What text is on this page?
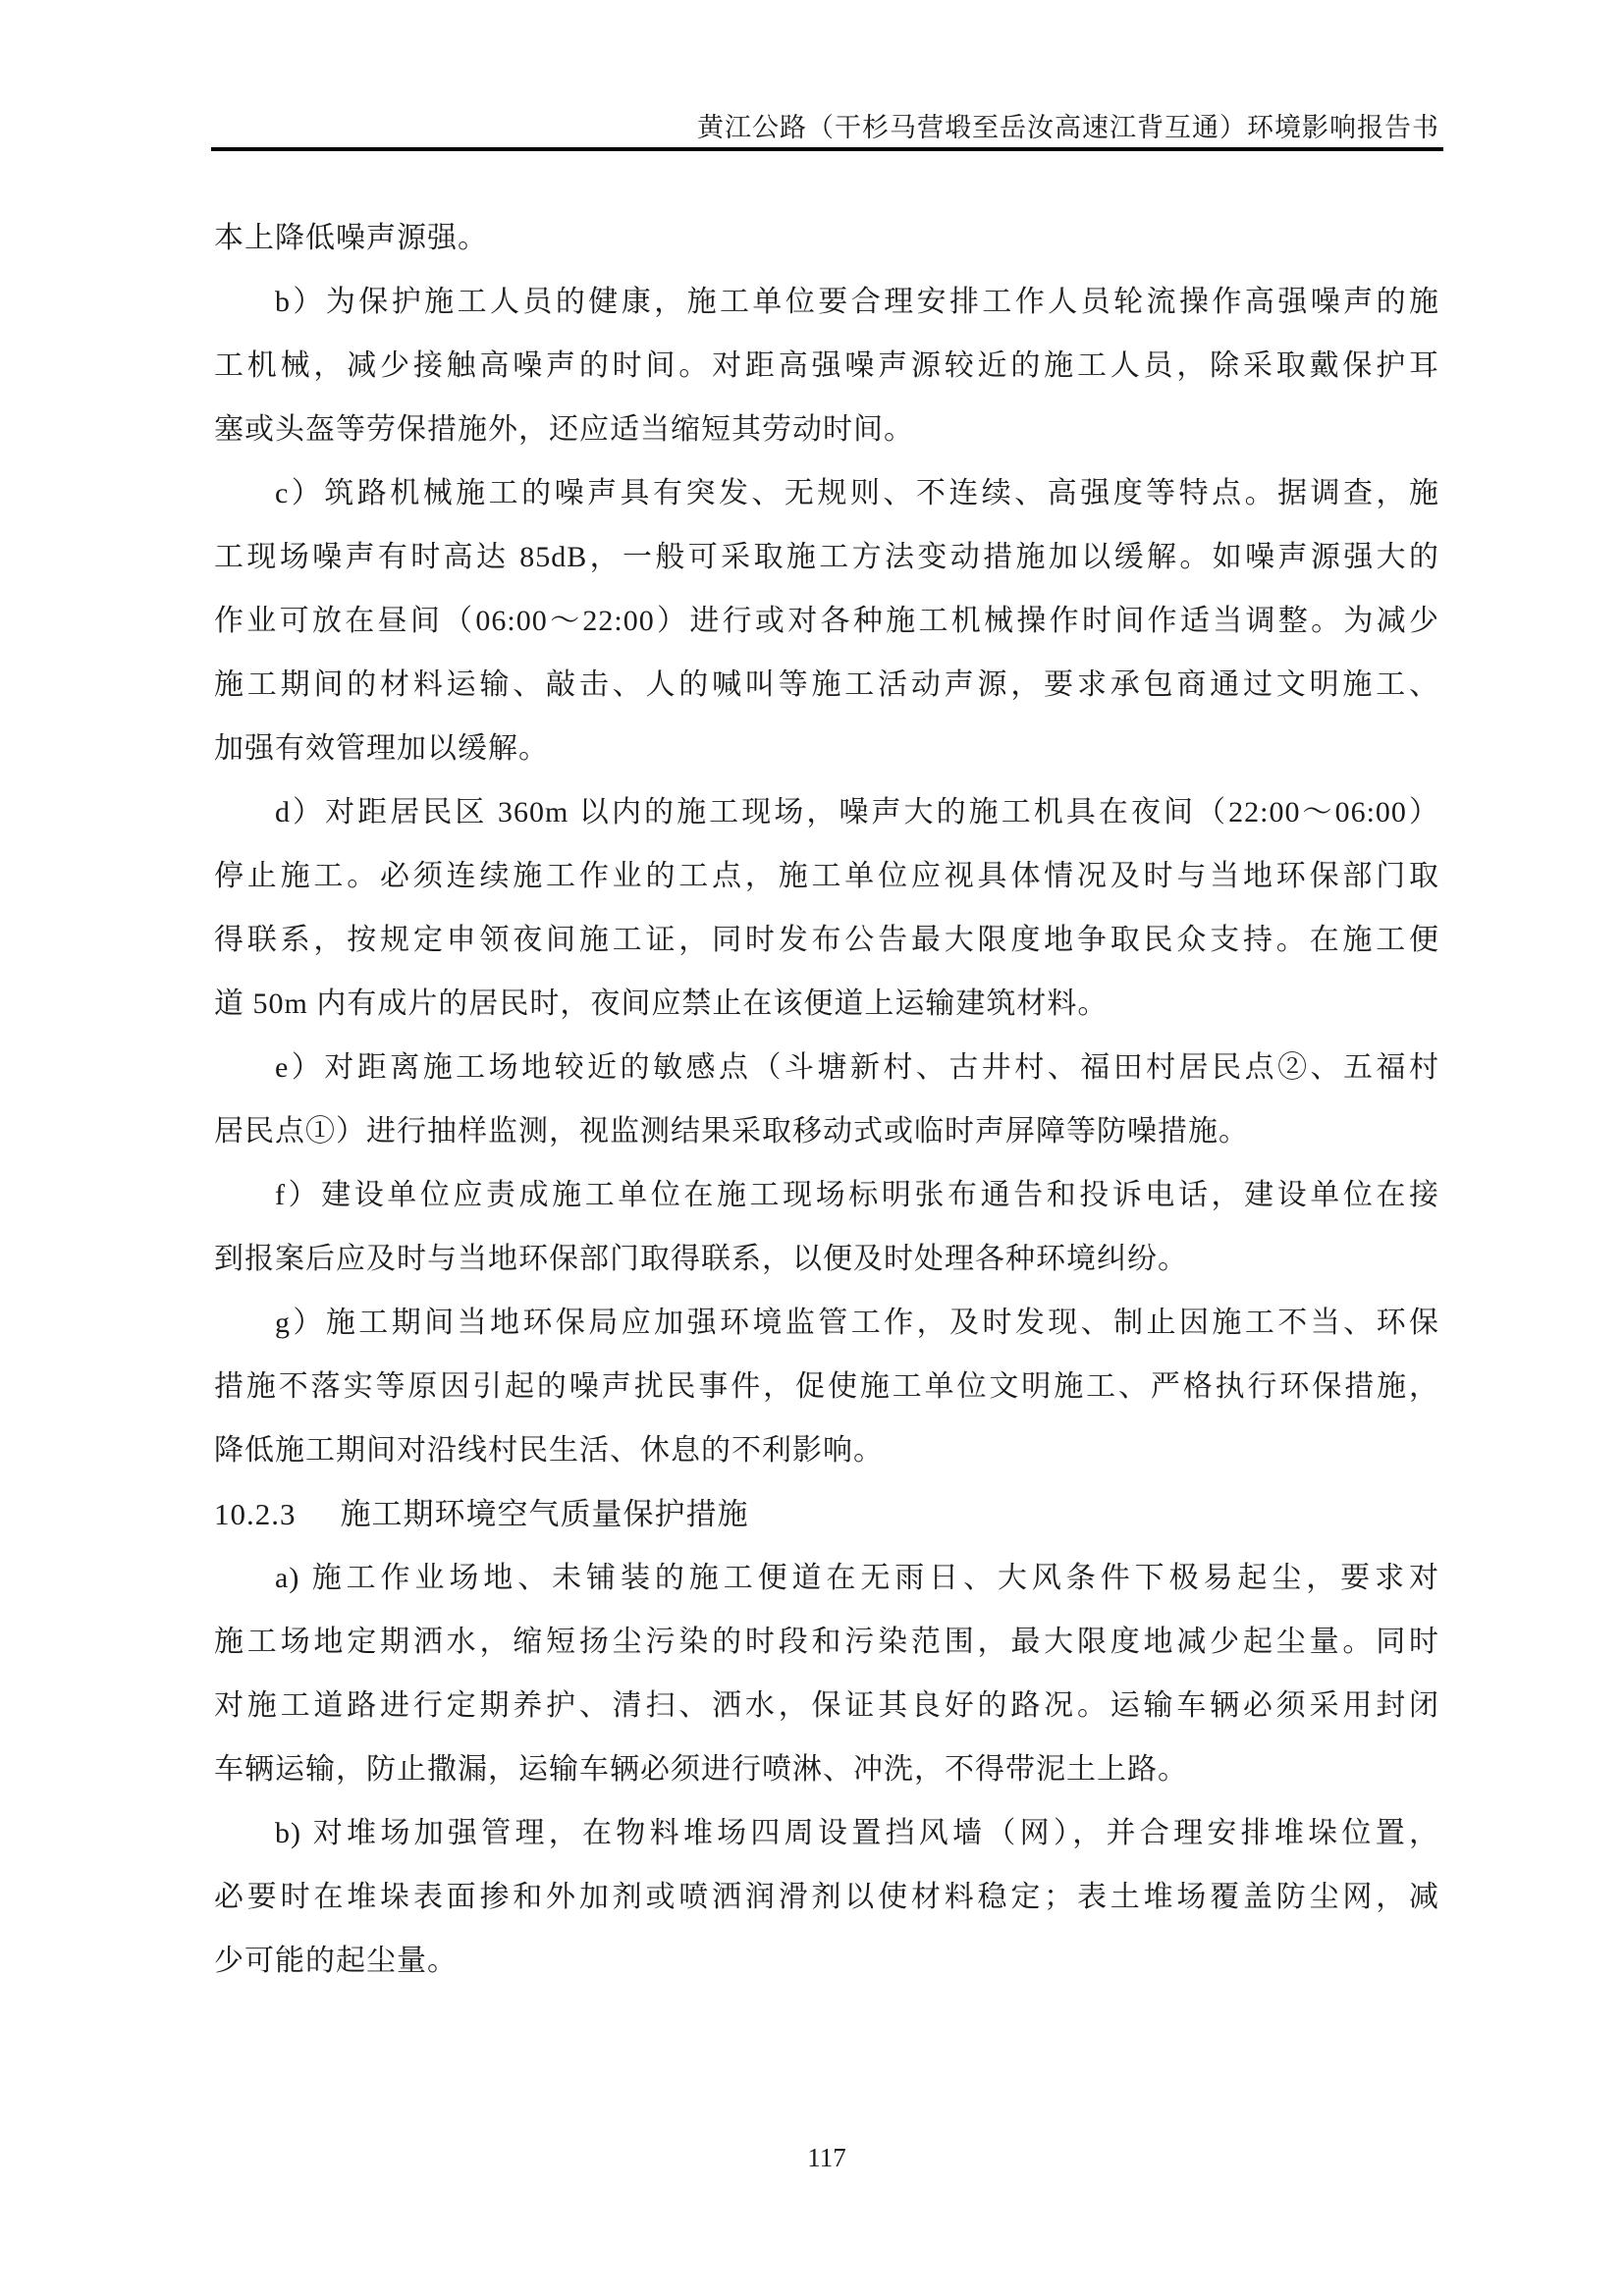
黄江公路（干杉马营塅至岳汝高速江背互通）环境影响报告书
本上降低噪声源强。
b）为保护施工人员的健康，施工单位要合理安排工作人员轮流操作高强噪声的施
工机械，减少接触高噪声的时间。对距高强噪声源较近的施工人员，除采取戴保护耳
塞或头盔等劳保措施外，还应适当缩短其劳动时间。
c）筑路机械施工的噪声具有突发、无规则、不连续、高强度等特点。据调查，施
工现场噪声有时高达 85dB，一般可采取施工方法变动措施加以缓解。如噪声源强大的
作业可放在昼间（06:00～22:00）进行或对各种施工机械操作时间作适当调整。为减少
施工期间的材料运输、敲击、人的喊叫等施工活动声源，要求承包商通过文明施工、
加强有效管理加以缓解。
d）对距居民区 360m 以内的施工现场，噪声大的施工机具在夜间（22:00～06:00）
停止施工。必须连续施工作业的工点，施工单位应视具体情况及时与当地环保部门取
得联系，按规定申领夜间施工证，同时发布公告最大限度地争取民众支持。在施工便
道 50m 内有成片的居民时，夜间应禁止在该便道上运输建筑材料。
e）对距离施工场地较近的敏感点（斗塘新村、古井村、福田村居民点②、五福村
居民点①）进行抽样监测，视监测结果采取移动式或临时声屏障等防噪措施。
f）建设单位应责成施工单位在施工现场标明张布通告和投诉电话，建设单位在接
到报案后应及时与当地环保部门取得联系，以便及时处理各种环境纠纷。
g）施工期间当地环保局应加强环境监管工作，及时发现、制止因施工不当、环保
措施不落实等原因引起的噪声扰民事件，促使施工单位文明施工、严格执行环保措施，
降低施工期间对沿线村民生活、休息的不利影响。
10.2.3 施工期环境空气质量保护措施
a) 施工作业场地、未铺装的施工便道在无雨日、大风条件下极易起尘，要求对
施工场地定期洒水，缩短扬尘污染的时段和污染范围，最大限度地减少起尘量。同时
对施工道路进行定期养护、清扫、洒水，保证其良好的路况。运输车辆必须采用封闭
车辆运输，防止撒漏，运输车辆必须进行喷淋、冲洗，不得带泥土上路。
b) 对堆场加强管理，在物料堆场四周设置挡风墙（网），并合理安排堆垛位置，
必要时在堆垛表面掺和外加剂或喷洒润滑剂以使材料稳定；表土堆场覆盖防尘网，减
少可能的起尘量。
117
